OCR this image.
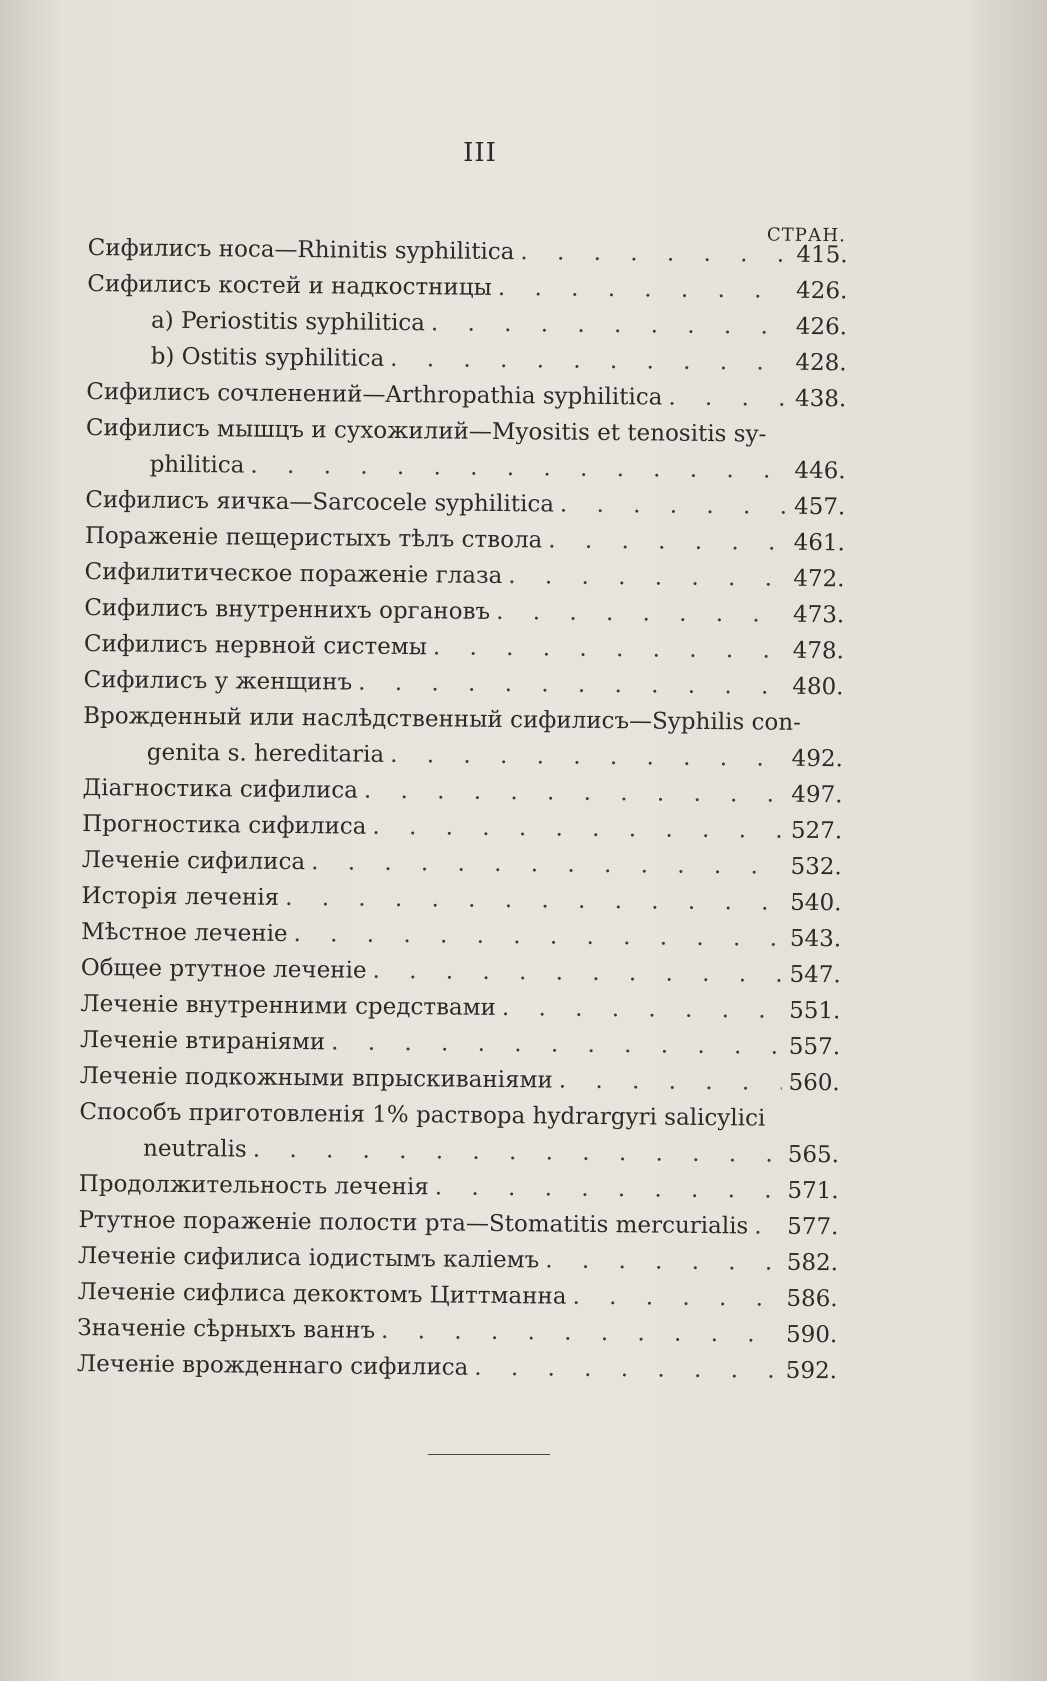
III
СТРАН.
Сифилисъ носа—Rhinitis syphilitica . . .	415.
Сифилисъ костей и надкостницы . . .	426.
a) Periostitis syphilitica . . .	426.
b) Ostitis syphilitica . . .	428.
Сифилисъ сочленений—Arthropathia syphilitica . . .	438.
Сифилисъ мышцъ и сухожилий—Myositis et tenositis sy-
philitica . . .	446.
Сифилисъ яичка—Sarcocele syphilitica . . .	457.
Пораженіе пещеристыхъ тѣлъ ствола . . .	461.
Сифилитическое пораженіе глаза . . .	472.
Сифилисъ внутреннихъ органовъ . . .	473.
Сифилисъ нервной системы . . .	478.
Сифилисъ у женщинъ . . .	480.
Врожденный или наслѣдственный сифилисъ—Syphilis con-
genita s. hereditaria . . .	492.
Діагностика сифилиса . . .	497.
Прогностика сифилиса . . .	527.
Леченіе сифилиса . . .	532.
Исторія леченія . . .	540.
Мѣстное леченіе . . .	543.
Общее ртутное леченіе . . .	547.
Леченіе внутренними средствами . . .	551.
Леченіе втираніями . . .	557.
Леченіе подкожными впрыскиваніями . . .	560.
Способъ приготовленія 1% раствора hydrargyri salicylici
neutralis . . .	565.
Продолжительность леченія . . .	571.
Ртутное пораженіе полости рта—Stomatitis mercurialis . . . 577.
Леченіе сифилиса іодистымъ каліемъ . . .	582.
Леченіе сифлиса декоктомъ Циттманна . . .	586.
Значеніе сѣрныхъ ваннъ . . .	590.
Леченіе врожденнаго сифилиса . . .	592.
